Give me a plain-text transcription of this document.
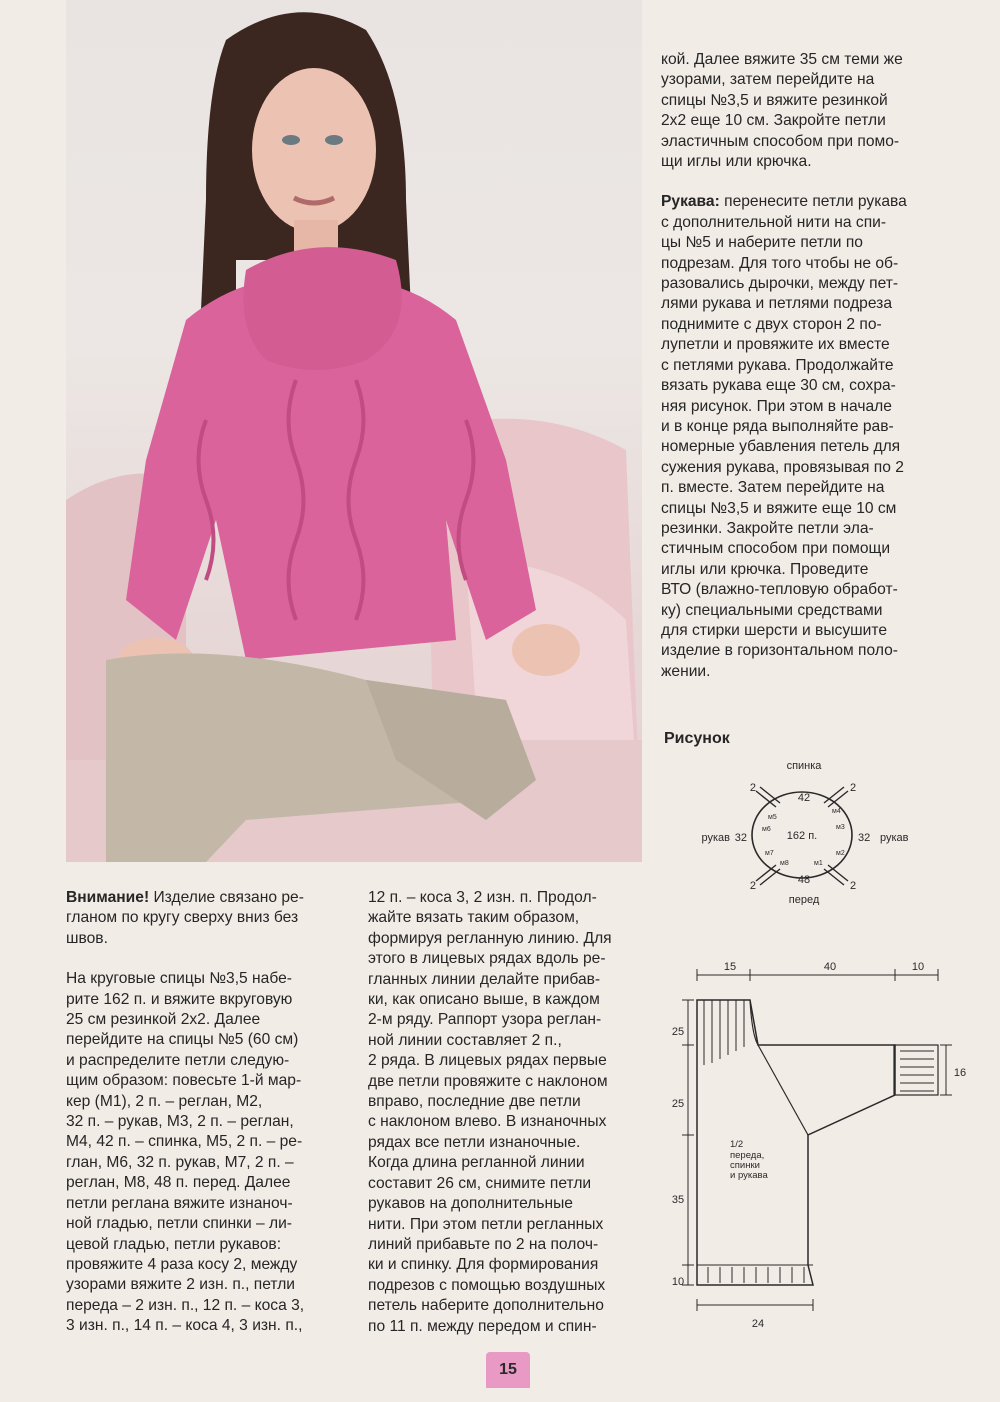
кой. Далее вяжите 35 см теми же
узорами, затем перейдите на
спицы №3,5 и вяжите резинкой
2х2 еще 10 см. Закройте петли
эластичным способом при помо-
щи иглы или крючка.

Рукава: перенесите петли рукава
с дополнительной нити на спи-
цы №5 и наберите петли по
подрезам. Для того чтобы не об-
разовались дырочки, между пет-
лями рукава и петлями подреза
поднимите с двух сторон 2 по-
лупетли и провяжите их вместе
с петлями рукава. Продолжайте
вязать рукава еще 30 см, сохра-
няя рисунок. При этом в начале
и в конце ряда выполняйте рав-
номерные убавления петель для
сужения рукава, провязывая по 2
п. вместе. Затем перейдите на
спицы №3,5 и вяжите еще 10 см
резинки. Закройте петли эла-
стичным способом при помощи
иглы или крючка. Проведите
ВТО (влажно-тепловую обработ-
ку) специальными средствами
для стирки шерсти и высушите
изделие в горизонтальном поло-
жении.

Рисунок
спинка
перед
рукав	рукав
32	32
162 п.
42
48
м5
м4
м6	м3
м7	м2
м8	м1
2	2
2	2
15	40	10
25
25
35
10
16
24
1/2 переда, спинки и рукава

Внимание! Изделие связано ре-
гланом по кругу сверху вниз без
швов.

На круговые спицы №3,5 набе-
рите 162 п. и вяжите вкруговую
25 см резинкой 2х2. Далее
перейдите на спицы №5 (60 см)
и распределите петли следую-
щим образом: повесьте 1-й мар-
кер (М1), 2 п. – реглан, М2,
32 п. – рукав, М3, 2 п. – реглан,
М4, 42 п. – спинка, М5, 2 п. – ре-
глан, М6, 32 п. рукав, М7, 2 п. –
реглан, М8, 48 п. перед. Далее
петли реглана вяжите изнаноч-
ной гладью, петли спинки – ли-
цевой гладью, петли рукавов:
провяжите 4 раза косу 2, между
узорами вяжите 2 изн. п., петли
переда – 2 изн. п., 12 п. – коса 3,
3 изн. п., 14 п. – коса 4, 3 изн. п.,

12 п. – коса 3, 2 изн. п. Продол-
жайте вязать таким образом,
формируя регланную линию. Для
этого в лицевых рядах вдоль ре-
гланных линии делайте прибав-
ки, как описано выше, в каждом
2-м ряду. Раппорт узора реглан-
ной линии составляет 2 п.,
2 ряда. В лицевых рядах первые
две петли провяжите с наклоном
вправо, последние две петли
с наклоном влево. В изнаночных
рядах все петли изнаночные.
Когда длина регланной линии
составит 26 см, снимите петли
рукавов на дополнительные
нити. При этом петли регланных
линий прибавьте по 2 на полоч-
ки и спинку. Для формирования
подрезов с помощью воздушных
петель наберите дополнительно
по 11 п. между передом и спин-

15
